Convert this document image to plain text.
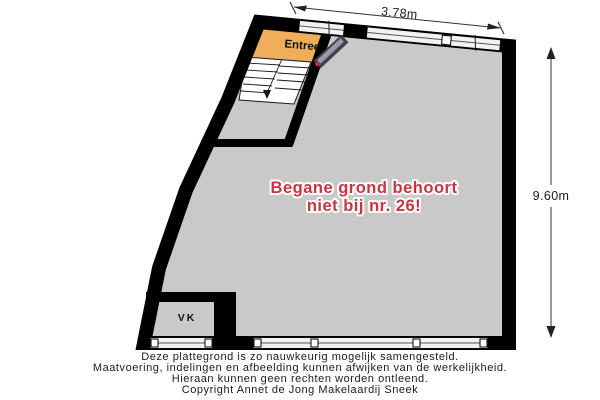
3.78m
9.60m
Entree
VK
Begane grond behoort
niet bij nr. 26!
Deze plattegrond is zo nauwkeurig mogelijk samengesteld.
Maatvoering, indelingen en afbeelding kunnen afwijken van de werkelijkheid.
Hieraan kunnen geen rechten worden ontleend.
Copyright Annet de Jong Makelaardij Sneek
